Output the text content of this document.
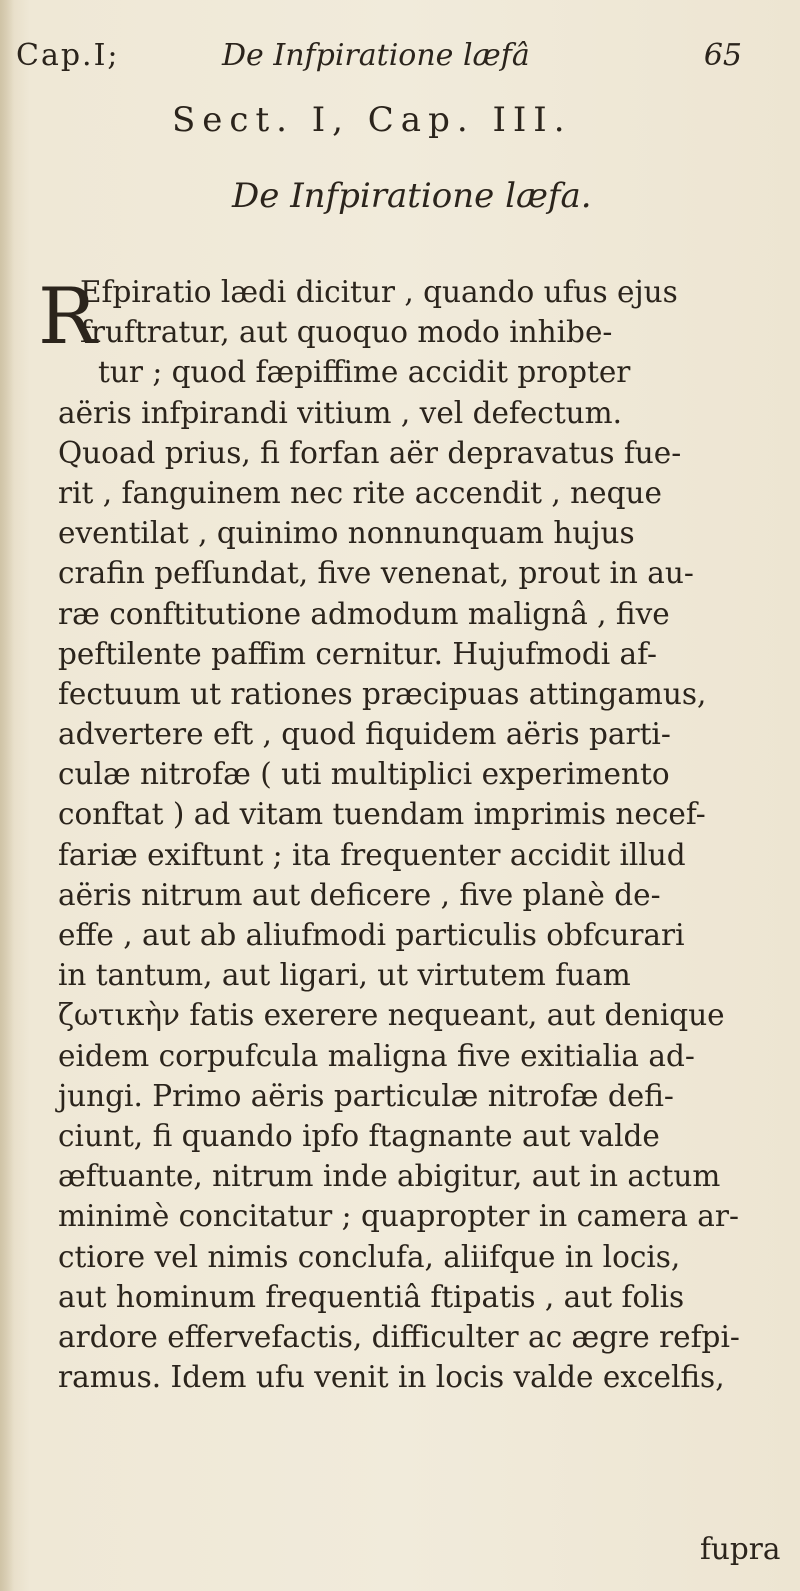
Cap.I;	De Infpiratione læfâ	65
Sect. I, Cap. III.
De Infpiratione læfa.
R
Efpiratio lædi dicitur , quando ufus ejus
fruftratur, aut quoquo modo inhibe-
tur ; quod fæpiffime accidit propter
aëris infpirandi vitium , vel defectum.
Quoad prius, fi forfan aër depravatus fue-
rit , fanguinem nec rite accendit , neque
eventilat , quinimo nonnunquam hujus
crafin pefſundat, five venenat, prout in au-
ræ conftitutione admodum malignâ , five
peftilente paffim cernitur. Hujufmodi af-
fectuum ut rationes præcipuas attingamus,
advertere eft , quod fiquidem aëris parti-
culæ nitrofæ ( uti multiplici experimento
conftat ) ad vitam tuendam imprimis necef-
fariæ exiftunt ; ita frequenter accidit illud
aëris nitrum aut deficere , five planè de-
effe , aut ab aliufmodi particulis obfcurari
in tantum, aut ligari, ut virtutem fuam
ζωτικὴν fatis exerere nequeant, aut denique
eidem corpufcula maligna five exitialia ad-
jungi. Primo aëris particulæ nitrofæ defi-
ciunt, fi quando ipfo ftagnante aut valde
æftuante, nitrum inde abigitur, aut in actum
minimè concitatur ; quapropter in camera ar-
ctiore vel nimis conclufa, aliifque in locis,
aut hominum frequentiâ ftipatis , aut folis
ardore effervefactis, difficulter ac ægre refpi-
ramus. Idem ufu venit in locis valde excelfis,
fupra
